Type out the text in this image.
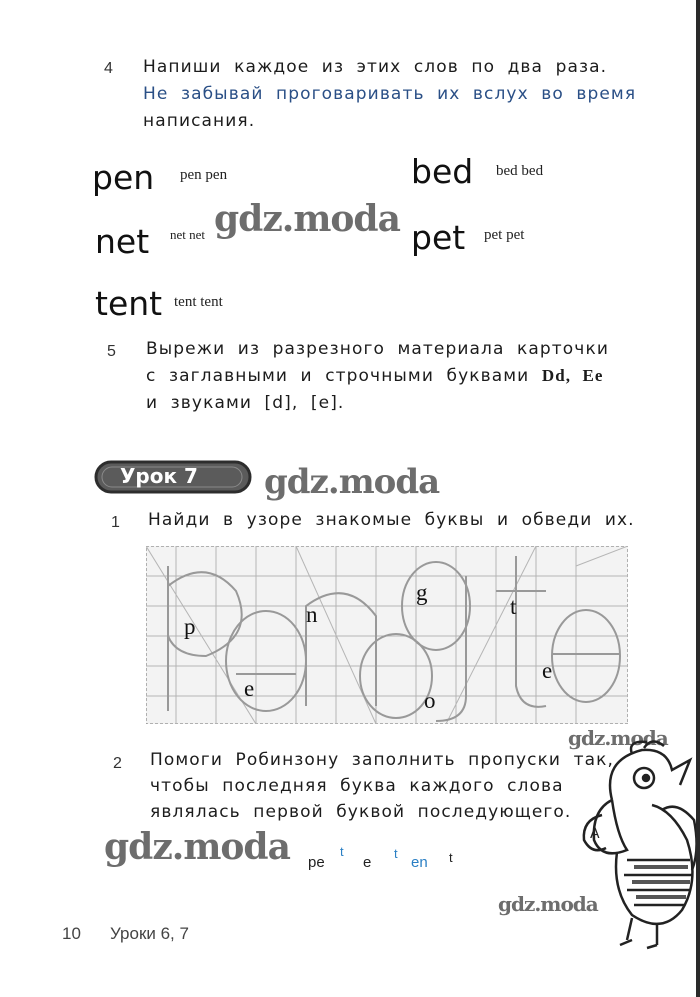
4 Напиши каждое из этих слов по два раза.
Не забывай проговаривать их вслух во время
написания.
pen pen pen	bed bed bed
net net net	pet pet pet
tent tent tent
gdz.moda
5 Вырежи из разрезного материала карточки
с заглавными и строчными буквами Dd, Ee
и звуками [d], [e].
Урок 7 gdz.moda
1 Найди в узоре знакомые буквы и обведи их.
p	n
g
t
e	o
e
gdz.moda
2 Помоги Робинзону заполнить пропуски так,
чтобы последняя буква каждого слова
являлась первой буквой последующего.
gdz.moda pe
t
e
t
en t
A
gdz.moda
10 Уроки 6, 7
